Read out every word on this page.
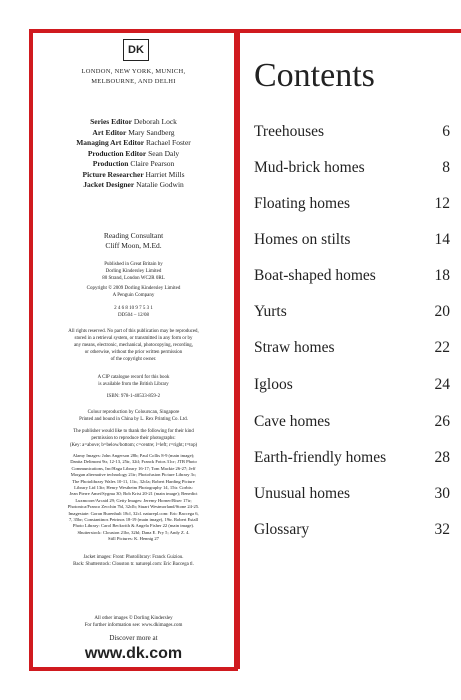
DK
LONDON, NEW YORK, MUNICH,
MELBOURNE, AND DELHI
Series Editor Deborah Lock
Art Editor Mary Sandberg
Managing Art Editor Rachael Foster
Production Editor Sean Daly
Production Claire Pearson
Picture Researcher Harriet Mills
Jacket Designer Natalie Godwin
Reading Consultant
Cliff Moon, M.Ed.
Published in Great Britain by
Dorling Kindersley Limited
80 Strand, London WC2R 0RL
Copyright © 2009 Dorling Kindersley Limited
A Penguin Company
2 4 6 8 10 9 7 5 3 1
DD504 – 12/08
All rights reserved. No part of this publication may be reproduced,
stored in a retrieval system, or transmitted in any form or by
any means, electronic, mechanical, photocopying, recording,
or otherwise, without the prior written permission
of the copyright owner.
A CIP catalogue record for this book
is available from the British Library
ISBN: 978-1-40533-859-2
Colour reproduction by Colourscan, Singapore
Printed and bound in China by L. Rex Printing Co. Ltd.
The publisher would like to thank the following for their kind
permission to reproduce their photographs:
(Key: a=above; b=below/bottom; c=centre; l=left; r=right; t=top)
Alamy Images: John Angerson 28b; Paul Collis 8-9 (main image);
Danita Delimont 9tr, 12-13, 25tr, 32tl; Franck Fotos 31cr; JTB Photo
Communications, Inc/Haga Library 16-17; Tom Mackie 26-27; Jeff
Morgan alternative technology 21tr; Photofusion Picture Library 3c;
The Photolibrary Wales 10-11, 11tc, 32cla; Robert Harding Picture
Library Ltd 13tr; Henry Westheim Photography 14, 15tr. Corbis:
Jean Pierre Amet/Sygma 30; Bob Krist 20-21 (main image); Benedict
Luxmoore/Arcaid 29; Getty Images: Jeremy Horner/Riser 17tr;
Photonica/Franco Zecchin 7bl, 32clb; Stuart Westmorland/Stone 24-25.
Imagestate: Goran Burenhult 18cl, 32cl. naturepl.com: Eric Baccega 6,
7, 35br; Constantinos Petrinos 18-19 (main image), 19tr. Robert Estall
Photo Library: Carol Beckwith & Angela Fisher 22 (main image).
Shutterstock: Clouston 21br, 32bl; Dana E. Fry 5; Andy Z. 4.
Still Pictures: K. Hennig 27
Jacket images: Front: Photolibrary: Franck Guiziou.
Back: Shutterstock: Clouston tr. naturepl.com: Eric Baccega tl.
All other images © Dorling Kindersley
For further information see: www.dkimages.com
Discover more at
www.dk.com
Contents
Treehouses	6
Mud-brick homes	8
Floating homes	12
Homes on stilts	14
Boat-shaped homes	18
Yurts	20
Straw homes	22
Igloos	24
Cave homes	26
Earth-friendly homes	28
Unusual homes	30
Glossary	32
